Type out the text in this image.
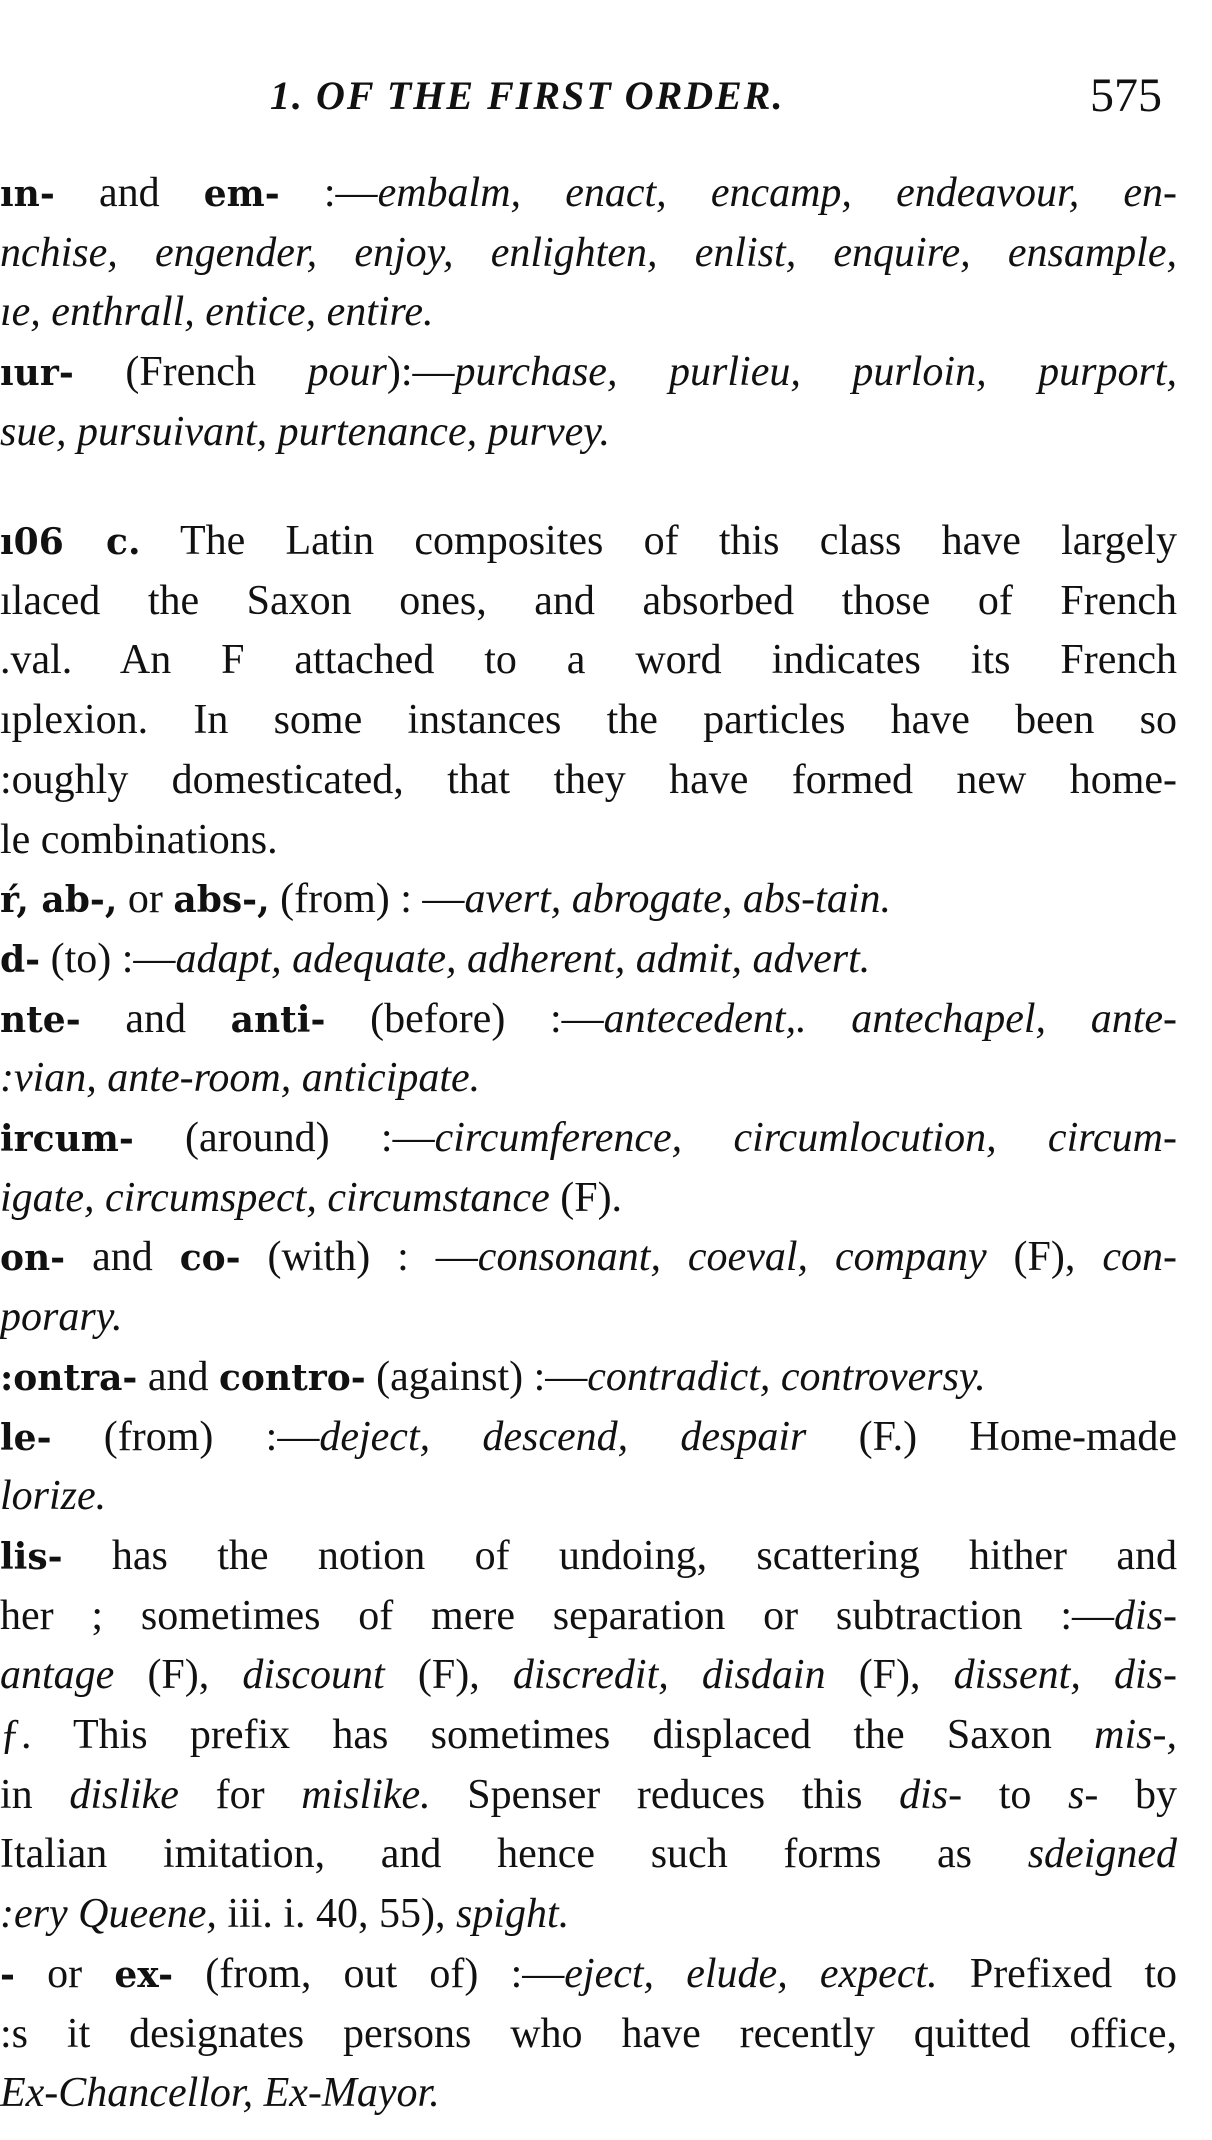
1. OF THE FIRST ORDER.	575
ın- and em- :—embalm, enact, encamp, endeavour, en-
nchise, engender, enjoy, enlighten, enlist, enquire, ensample,
ıe, enthrall, entice, entire.
ıur- (French pour):—purchase, purlieu, purloin, purport,
sue, pursuivant, purtenance, purvey.
ı06 c. The Latin composites of this class have largely
ılaced the Saxon ones, and absorbed those of French
.val. An F attached to a word indicates its French
ıplexion. In some instances the particles have been so
:oughly domesticated, that they have formed new home-
le combinations.
ŕ, ab-, or abs-, (from) : —avert, abrogate, abs-tain.
d- (to) :—adapt, adequate, adherent, admit, advert.
nte- and anti- (before) :—antecedent,. antechapel, ante-
:vian, ante-room, anticipate.
ircum- (around) :—circumference, circumlocution, circum-
igate, circumspect, circumstance (F).
on- and co- (with) : —consonant, coeval, company (F), con-
porary.
:ontra- and contro- (against) :—contradict, controversy.
le- (from) :—deject, descend, despair (F.) Home-made
lorize.
lis- has the notion of undoing, scattering hither and
her ; sometimes of mere separation or subtraction :—dis-
antage (F), discount (F), discredit, disdain (F), dissent, dis-
ƒ. This prefix has sometimes displaced the Saxon mis-,
in dislike for mislike. Spenser reduces this dis- to s- by
Italian imitation, and hence such forms as sdeigned
:ery Queene, iii. i. 40, 55), spight.
- or ex- (from, out of) :—eject, elude, expect. Prefixed to
:s it designates persons who have recently quitted office,
Ex-Chancellor, Ex-Mayor.
